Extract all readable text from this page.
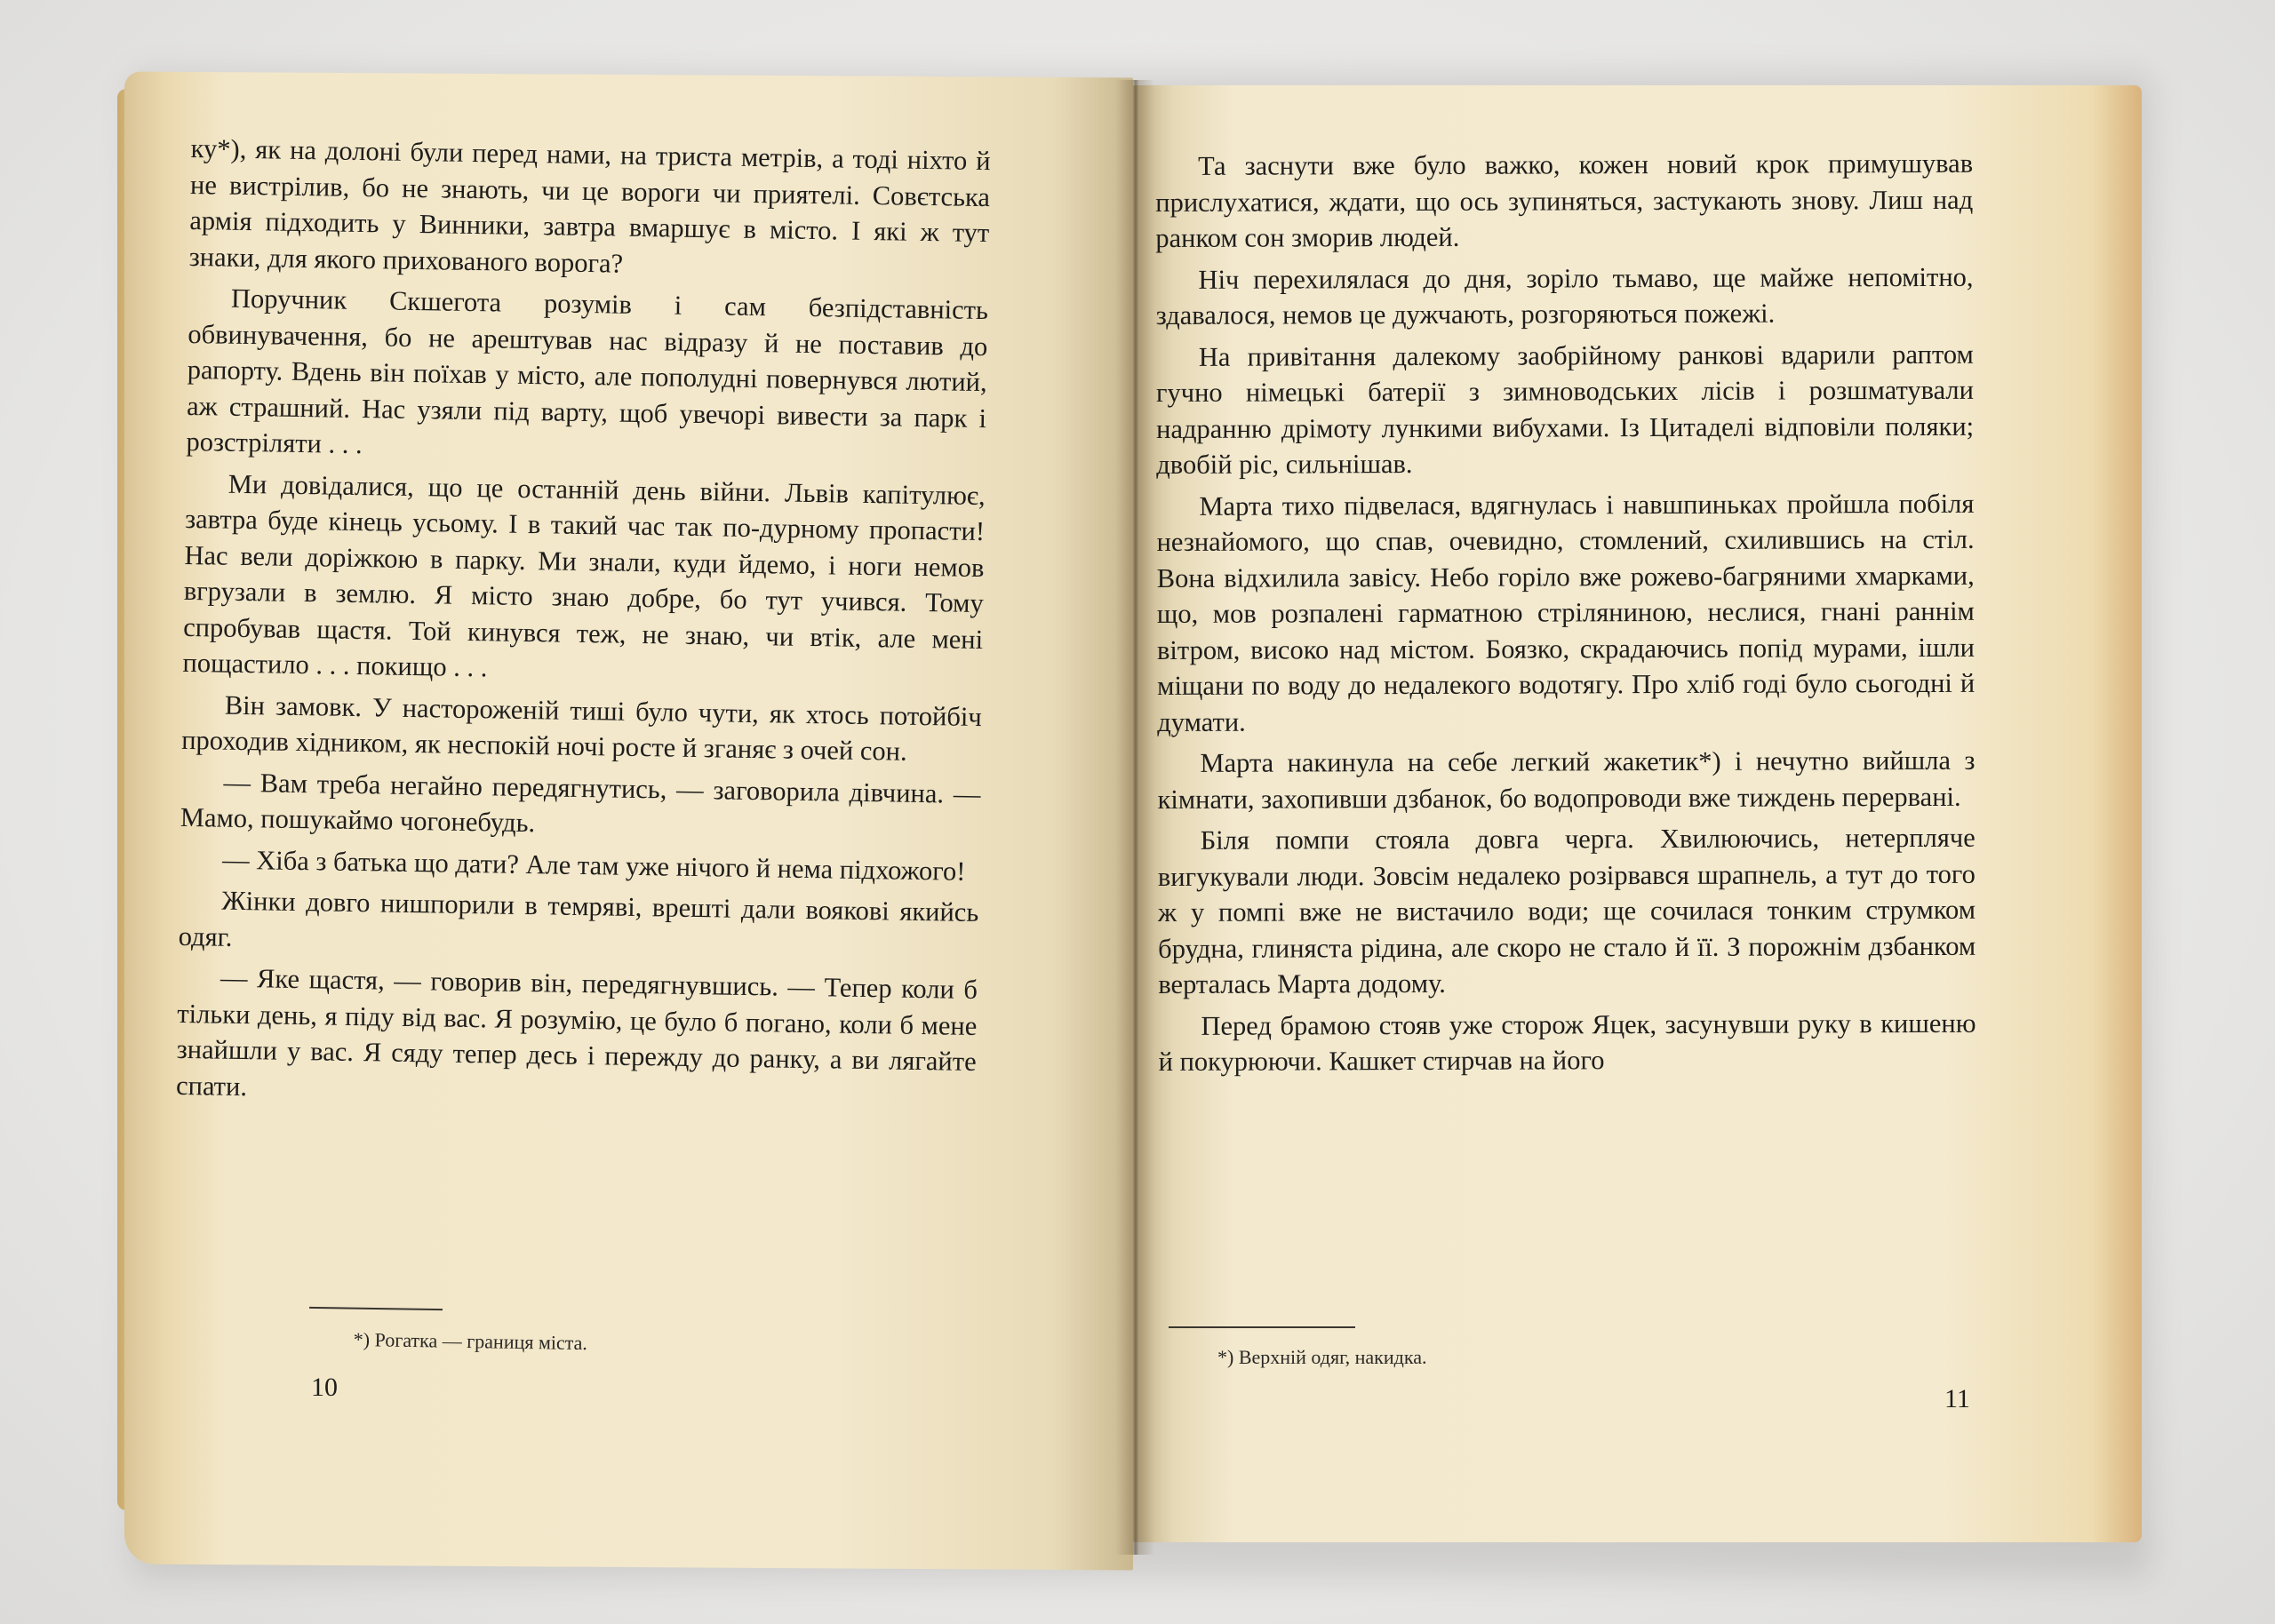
ку*), як на долоні були перед нами, на триста метрів, а тоді ніхто й не вистрілив, бо не знають, чи це вороги чи приятелі. Совєтська армія підходить у Винники, завтра вмаршує в місто. І які ж тут знаки, для якого прихованого ворога?

Поручник Скшегота розумів і сам безпідставність обвинувачення, бо не арештував нас відразу й не поставив до рапорту. Вдень він поїхав у місто, але пополудні повернувся лютий, аж страшний. Нас узяли під варту, щоб увечорі вивести за парк і розстріляти . . .

Ми довідалися, що це останній день війни. Львів капітулює, завтра буде кінець усьому. І в такий час так по-дурному пропасти! Нас вели доріжкою в парку. Ми знали, куди йдемо, і ноги немов вгрузали в землю. Я місто знаю добре, бо тут учився. Тому спробував щастя. Той кинувся теж, не знаю, чи втік, але мені пощастило . . . покищо . . .

Він замовк. У настороженій тиші було чути, як хтось потойбіч проходив хідником, як неспокій ночі росте й зганяє з очей сон.

— Вам треба негайно передягнутись, — заговорила дівчина. — Мамо, пошукаймо чогонебудь.

— Хіба з батька що дати? Але там уже нічого й нема підхожого!

Жінки довго нишпорили в темряві, врешті дали воякові якийсь одяг.

— Яке щастя, — говорив він, передягнувшись. — Тепер коли б тільки день, я піду від вас. Я розумію, це було б погано, коли б мене знайшли у вас. Я сяду тепер десь і пережду до ранку, а ви лягайте спати.

*) Рогатка — границя міста.
10

Та заснути вже було важко, кожен новий крок примушував прислухатися, ждати, що ось зупиняться, застукають знову. Лиш над ранком сон зморив людей.

Ніч перехилялася до дня, зоріло тьмаво, ще майже непомітно, здавалося, немов це дужчають, розгоряються пожежі.

На привітання далекому заобрійному ранкові вдарили раптом гучно німецькі батерії з зимноводських лісів і розшматували надранню дрімоту лункими вибухами. Із Цитаделі відповіли поляки; двобій ріс, сильнішав.

Марта тихо підвелася, вдягнулась і навшпиньках пройшла побіля незнайомого, що спав, очевидно, стомлений, схилившись на стіл. Вона відхилила завісу. Небо горіло вже рожево-багряними хмарками, що, мов розпалені гарматною стріляниною, неслися, гнані раннім вітром, високо над містом. Боязко, скрадаючись попід мурами, ішли міщани по воду до недалекого водотягу. Про хліб годі було сьогодні й думати.

Марта накинула на себе легкий жакетик*) і нечутно вийшла з кімнати, захопивши дзбанок, бо водопроводи вже тиждень перервані.

Біля помпи стояла довга черга. Хвилюючись, нетерпляче вигукували люди. Зовсім недалеко розірвався шрапнель, а тут до того ж у помпі вже не вистачило води; ще сочилася тонким струмком брудна, глиняста рідина, але скоро не стало й її. З порожнім дзбанком верталась Марта додому.

Перед брамою стояв уже сторож Яцек, засунувши руку в кишеню й покурюючи. Кашкет стирчав на його

*) Верхній одяг, накидка.
11
